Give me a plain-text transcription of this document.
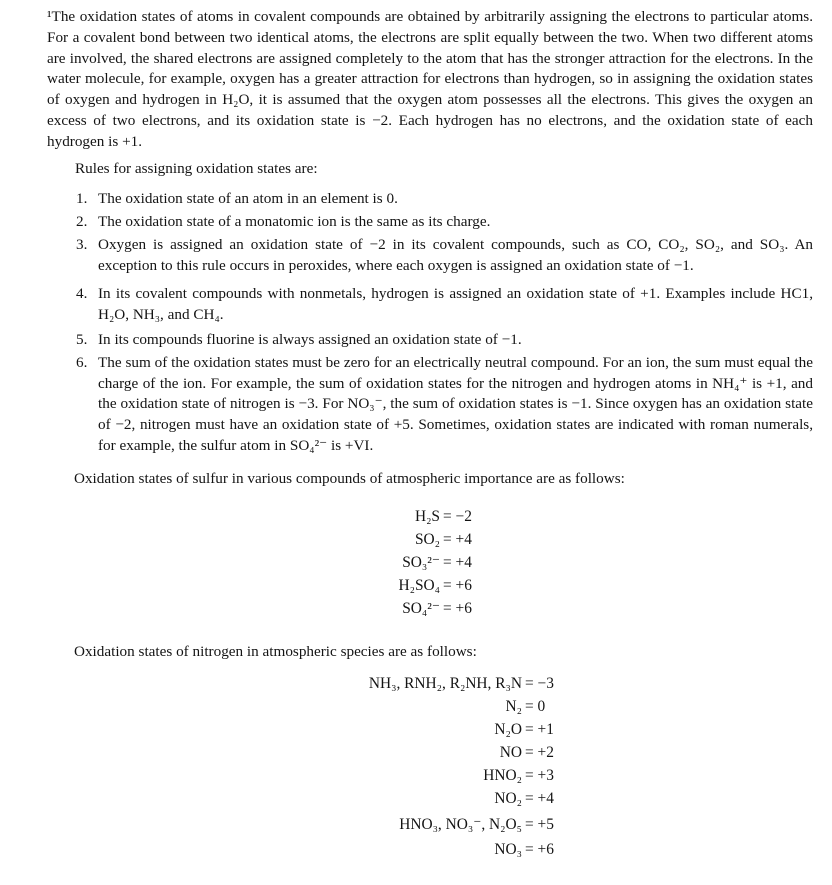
¹The oxidation states of atoms in covalent compounds are obtained by arbitrarily assigning the electrons to particular atoms. For a covalent bond between two identical atoms, the electrons are split equally between the two. When two different atoms are involved, the shared electrons are assigned completely to the atom that has the stronger attraction for the electrons. In the water molecule, for example, oxygen has a greater attraction for electrons than hydrogen, so in assigning the oxidation states of oxygen and hydrogen in H₂O, it is assumed that the oxygen atom possesses all the electrons. This gives the oxygen an excess of two electrons, and its oxidation state is −2. Each hydrogen has no electrons, and the oxidation state of each hydrogen is +1.
Rules for assigning oxidation states are:
1. The oxidation state of an atom in an element is 0.
2. The oxidation state of a monatomic ion is the same as its charge.
3. Oxygen is assigned an oxidation state of −2 in its covalent compounds, such as CO, CO₂, SO₂, and SO₃. An exception to this rule occurs in peroxides, where each oxygen is assigned an oxidation state of −1.
4. In its covalent compounds with nonmetals, hydrogen is assigned an oxidation state of +1. Examples include HC1, H₂O, NH₃, and CH₄.
5. In its compounds fluorine is always assigned an oxidation state of −1.
6. The sum of the oxidation states must be zero for an electrically neutral compound. For an ion, the sum must equal the charge of the ion. For example, the sum of oxidation states for the nitrogen and hydrogen atoms in NH₄⁺ is +1, and the oxidation state of nitrogen is −3. For NO₃⁻, the sum of oxidation states is −1. Since oxygen has an oxidation state of −2, nitrogen must have an oxidation state of +5. Sometimes, oxidation states are indicated with roman numerals, for example, the sulfur atom in SO₄²⁻ is +VI.
Oxidation states of sulfur in various compounds of atmospheric importance are as follows:
H₂S = −2
SO₂ = +4
SO₃²⁻ = +4
H₂SO₄ = +6
SO₄²⁻ = +6
Oxidation states of nitrogen in atmospheric species are as follows:
NH₃, RNH₂, R₂NH, R₃N = −3
N₂ = 0
N₂O = +1
NO = +2
HNO₂ = +3
NO₂ = +4
HNO₃, NO₃⁻, N₂O₅ = +5
NO₃ = +6
